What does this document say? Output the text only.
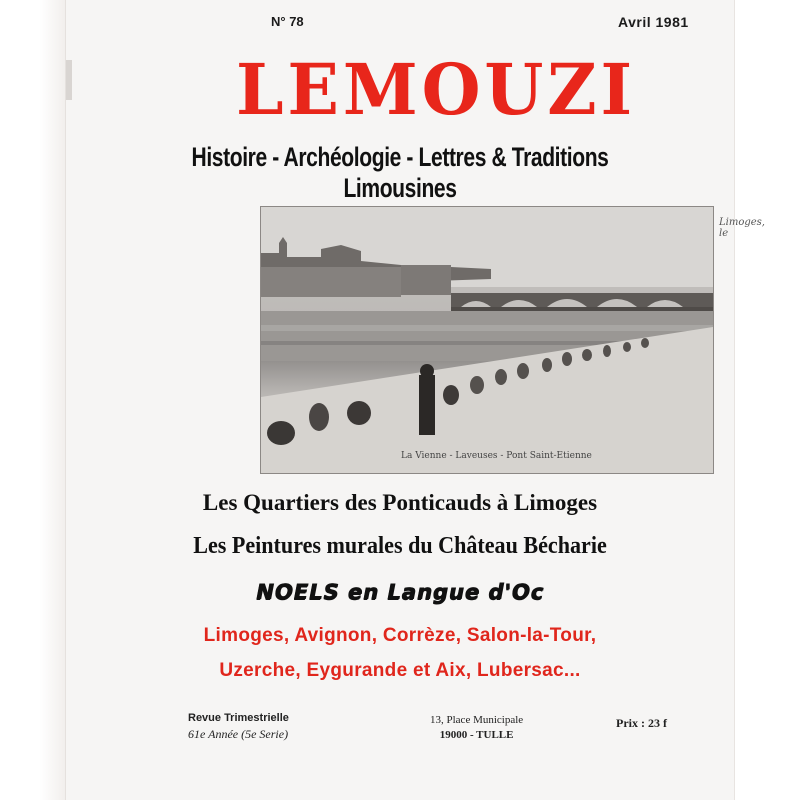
N° 78	Avril 1981
LEMOUZI
Histoire - Archéologie - Lettres & Traditions Limousines
Limoges, le
La Vienne - Laveuses - Pont Saint-Etienne
Les Quartiers des Ponticauds à Limoges
Les Peintures murales du Château Bécharie
NOELS en Langue d'Oc
Limoges, Avignon, Corrèze, Salon-la-Tour,
Uzerche, Eygurande et Aix, Lubersac...
Revue Trimestrielle
61e Année (5e Serie)
13, Place Municipale
19000 - TULLE
Prix : 23 f
